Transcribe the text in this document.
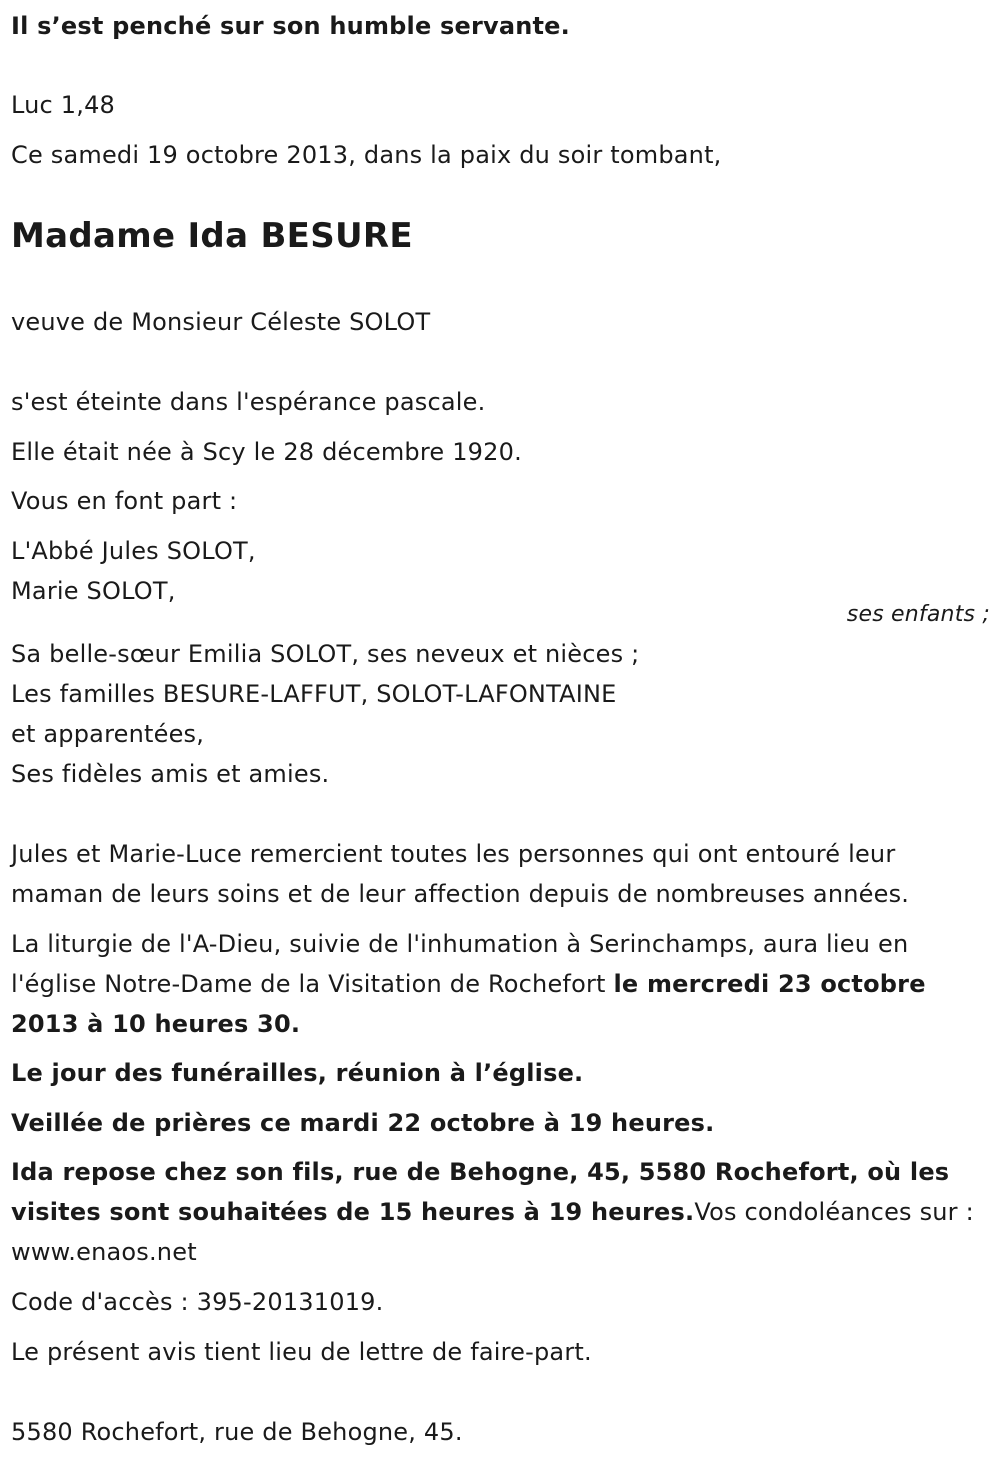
Il s’est penché sur son humble servante.

Luc 1,48

Ce samedi 19 octobre 2013, dans la paix du soir tombant,

Madame Ida BESURE

veuve de Monsieur Céleste SOLOT

s'est éteinte dans l'espérance pascale.

Elle était née à Scy le 28 décembre 1920.

Vous en font part :

L'Abbé Jules SOLOT,

Marie SOLOT,

ses enfants ;

Sa belle-sœur Emilia SOLOT, ses neveux et nièces ;

Les familles BESURE-LAFFUT, SOLOT-LAFONTAINE

et apparentées,

Ses fidèles amis et amies.

Jules et Marie-Luce remercient toutes les personnes qui ont entouré leur

maman de leurs soins et de leur affection depuis de nombreuses années.

La liturgie de l'A-Dieu, suivie de l'inhumation à Serinchamps, aura lieu en

l'église Notre-Dame de la Visitation de Rochefort le mercredi 23 octobre

2013 à 10 heures 30.

Le jour des funérailles, réunion à l’église.

Veillée de prières ce mardi 22 octobre à 19 heures.

Ida repose chez son fils, rue de Behogne, 45, 5580 Rochefort, où les

visites sont souhaitées de 15 heures à 19 heures.Vos condoléances sur :

www.enaos.net

Code d'accès : 395-20131019.

Le présent avis tient lieu de lettre de faire-part.

5580 Rochefort, rue de Behogne, 45.
